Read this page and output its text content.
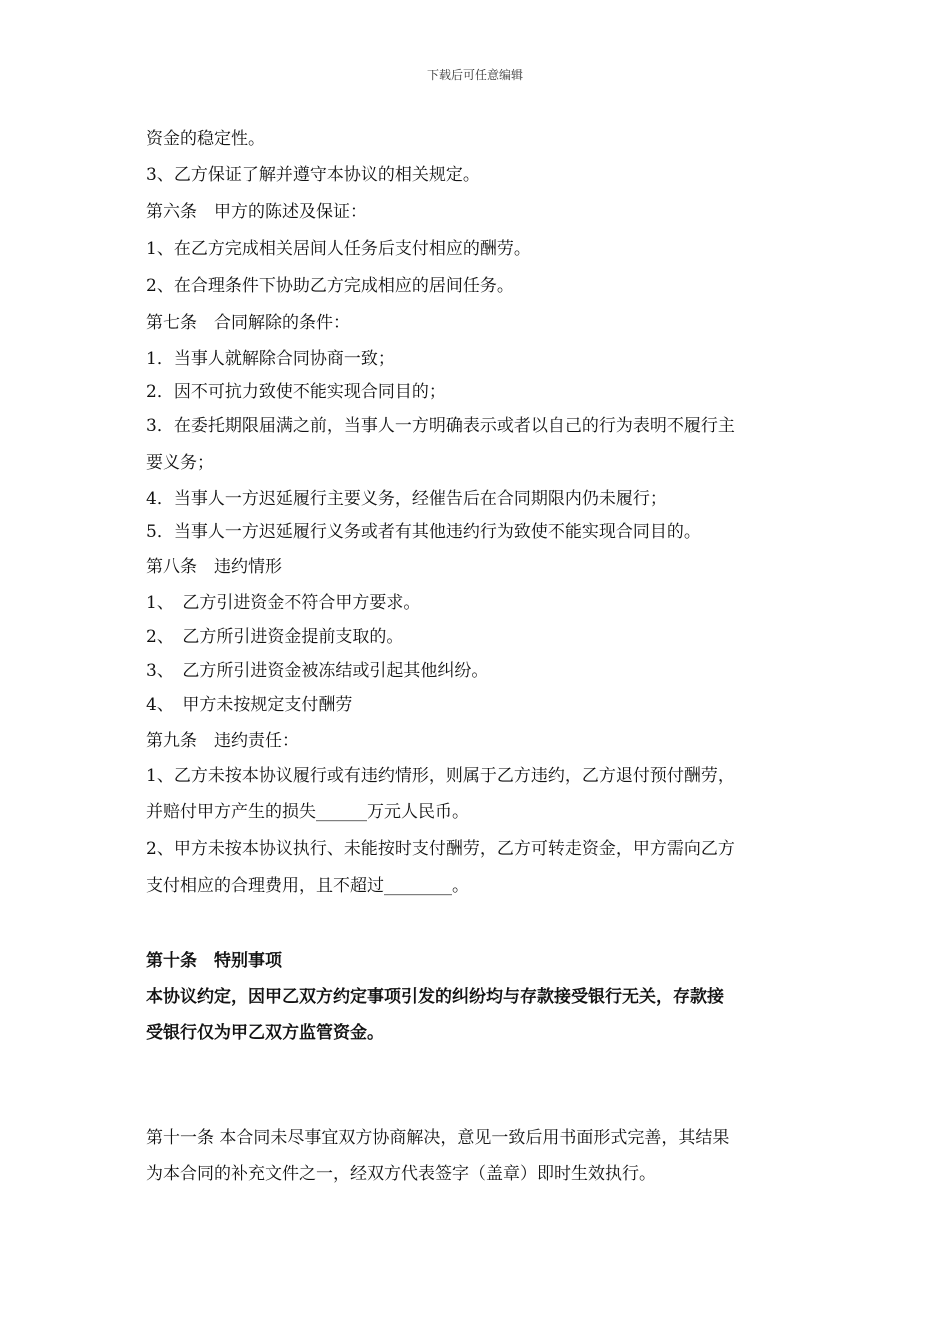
下载后可任意编辑
资金的稳定性。
3、乙方保证了解并遵守本协议的相关规定。
第六条　甲方的陈述及保证：
1、在乙方完成相关居间人任务后支付相应的酬劳。
2、在合理条件下协助乙方完成相应的居间任务。
第七条　合同解除的条件：
1．当事人就解除合同协商一致；
2．因不可抗力致使不能实现合同目的；
3．在委托期限届满之前，当事人一方明确表示或者以自己的行为表明不履行主
要义务；
4．当事人一方迟延履行主要义务，经催告后在合同期限内仍未履行；
5．当事人一方迟延履行义务或者有其他违约行为致使不能实现合同目的。
第八条　违约情形
1、　乙方引进资金不符合甲方要求。
2、　乙方所引进资金提前支取的。
3、　乙方所引进资金被冻结或引起其他纠纷。
4、　甲方未按规定支付酬劳
第九条　违约责任：
1、乙方未按本协议履行或有违约情形，则属于乙方违约，乙方退付预付酬劳，
并赔付甲方产生的损失______万元人民币。
2、甲方未按本协议执行、未能按时支付酬劳，乙方可转走资金，甲方需向乙方
支付相应的合理费用，且不超过________。
第十条　特别事项
本协议约定，因甲乙双方约定事项引发的纠纷均与存款接受银行无关，存款接
受银行仅为甲乙双方监管资金。
第十一条 本合同未尽事宜双方协商解决，意见一致后用书面形式完善，其结果
为本合同的补充文件之一，经双方代表签字（盖章）即时生效执行。
